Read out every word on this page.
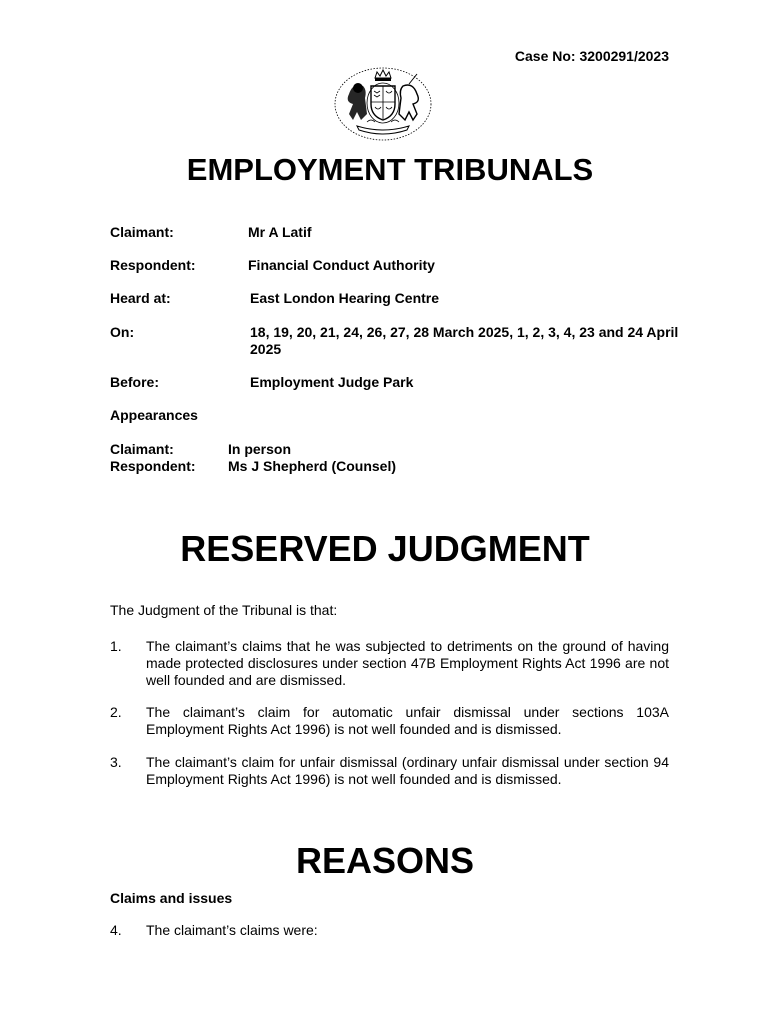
Case No: 3200291/2023
EMPLOYMENT TRIBUNALS
Claimant:	Mr A Latif
Respondent:	Financial Conduct Authority
Heard at:	East London Hearing Centre
On:	18, 19, 20, 21, 24, 26, 27, 28 March 2025, 1, 2, 3, 4, 23 and 24 April 2025
Before:	Employment Judge Park
Appearances
Claimant:	In person
Respondent: Ms J Shepherd (Counsel)
RESERVED JUDGMENT
The Judgment of the Tribunal is that:
1. The claimant’s claims that he was subjected to detriments on the ground of having made protected disclosures under section 47B Employment Rights Act 1996 are not well founded and are dismissed.
2. The claimant’s claim for automatic unfair dismissal under sections 103A Employment Rights Act 1996) is not well founded and is dismissed.
3. The claimant’s claim for unfair dismissal (ordinary unfair dismissal under section 94 Employment Rights Act 1996) is not well founded and is dismissed.
REASONS
Claims and issues
4. The claimant’s claims were:
